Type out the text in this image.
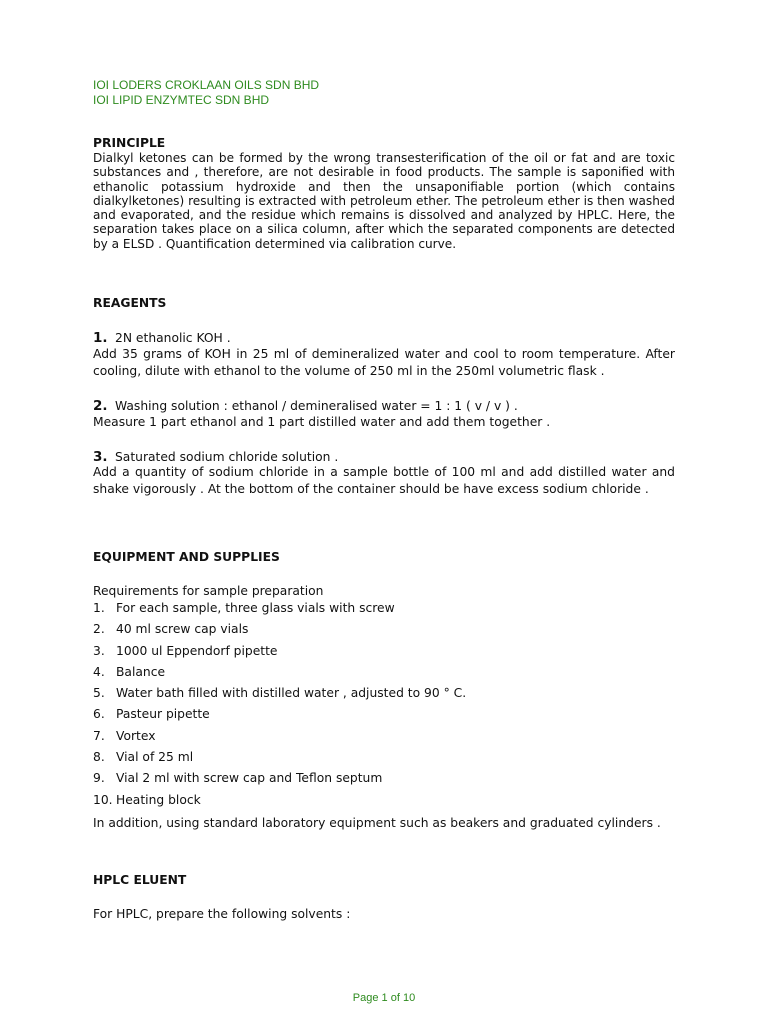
IOI LODERS CROKLAAN OILS SDN BHD
IOI LIPID ENZYMTEC SDN BHD
PRINCIPLE
Dialkyl ketones can be formed by the wrong transesterification of the oil or fat and are toxic substances and , therefore, are not desirable in food products. The sample is saponified with ethanolic potassium hydroxide and then the unsaponifiable portion (which contains dialkylketones) resulting is extracted with petroleum ether. The petroleum ether is then washed and evaporated, and the residue which remains is dissolved and analyzed by HPLC. Here, the separation takes place on a silica column, after which the separated components are detected by a ELSD . Quantification determined via calibration curve.
REAGENTS
1. 2N ethanolic KOH .
Add 35 grams of KOH in 25 ml of demineralized water and cool to room temperature. After cooling, dilute with ethanol to the volume of 250 ml in the 250ml volumetric flask .
2. Washing solution : ethanol / demineralised water = 1 : 1 ( v / v ) .
Measure 1 part ethanol and 1 part distilled water and add them together .
3. Saturated sodium chloride solution .
Add a quantity of sodium chloride in a sample bottle of 100 ml and add distilled water and shake vigorously . At the bottom of the container should be have excess sodium chloride .
EQUIPMENT AND SUPPLIES
Requirements for sample preparation
1. For each sample, three glass vials with screw
2. 40 ml screw cap vials
3. 1000 ul Eppendorf pipette
4. Balance
5. Water bath filled with distilled water , adjusted to 90 ° C.
6. Pasteur pipette
7. Vortex
8. Vial of 25 ml
9. Vial 2 ml with screw cap and Teflon septum
10. Heating block
In addition, using standard laboratory equipment such as beakers and graduated cylinders .
HPLC ELUENT
For HPLC, prepare the following solvents :
Page 1 of 10
